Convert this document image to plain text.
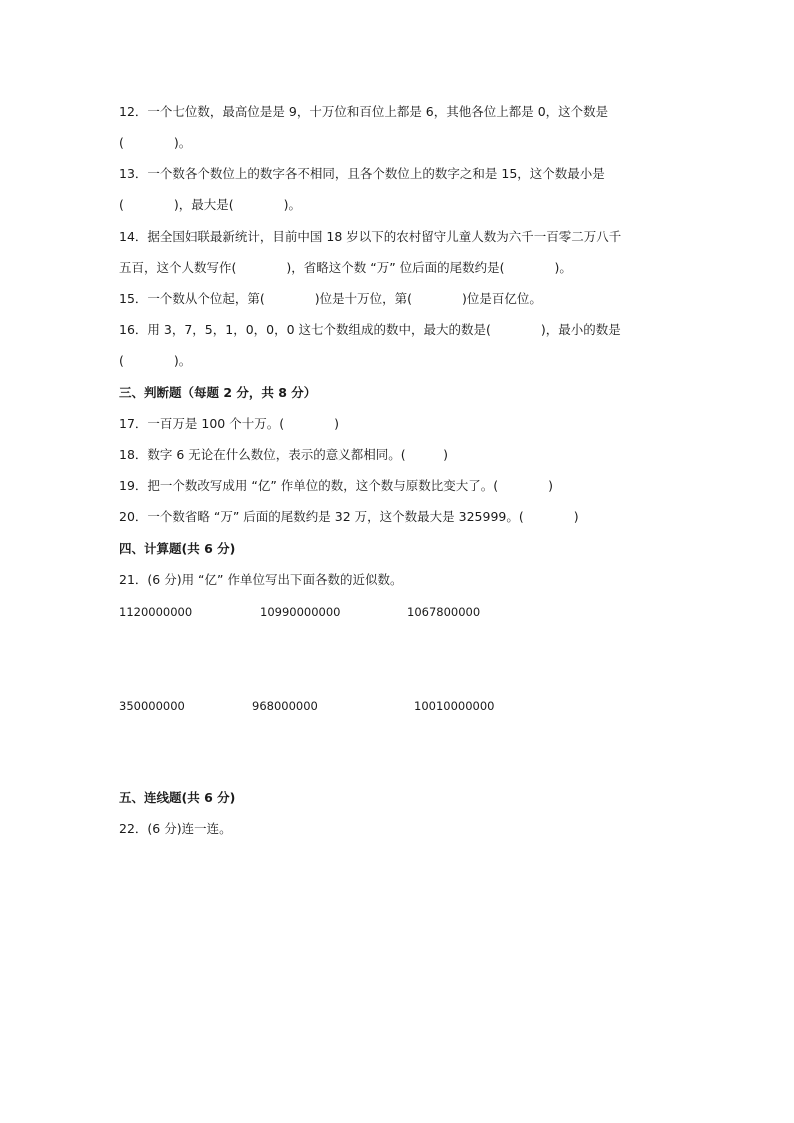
12．一个七位数，最高位是是 9，十万位和百位上都是 6，其他各位上都是 0，这个数是
(　　　　)。
13．一个数各个数位上的数字各不相同，且各个数位上的数字之和是 15，这个数最小是
(　　　　)，最大是(　　　　)。
14．据全国妇联最新统计，目前中国 18 岁以下的农村留守儿童人数为六千一百零二万八千
五百，这个人数写作(　　　　)，省略这个数 “万” 位后面的尾数约是(　　　　)。
15．一个数从个位起，第(　　　　)位是十万位，第(　　　　)位是百亿位。
16．用 3，7，5，1，0，0，0 这七个数组成的数中，最大的数是(　　　　)，最小的数是
(　　　　)。
三、判断题（每题 2 分，共 8 分）
17．一百万是 100 个十万。(　　　　)
18．数字 6 无论在什么数位，表示的意义都相同。(　　　)
19．把一个数改写成用 “亿” 作单位的数，这个数与原数比变大了。(　　　　)
20．一个数省略 “万” 后面的尾数约是 32 万，这个数最大是 325999。(　　　　)
四、计算题(共 6 分)
21．(6 分)用 “亿” 作单位写出下面各数的近似数。
1120000000	10990000000	1067800000
350000000	968000000	10010000000
五、连线题(共 6 分)
22．(6 分)连一连。
